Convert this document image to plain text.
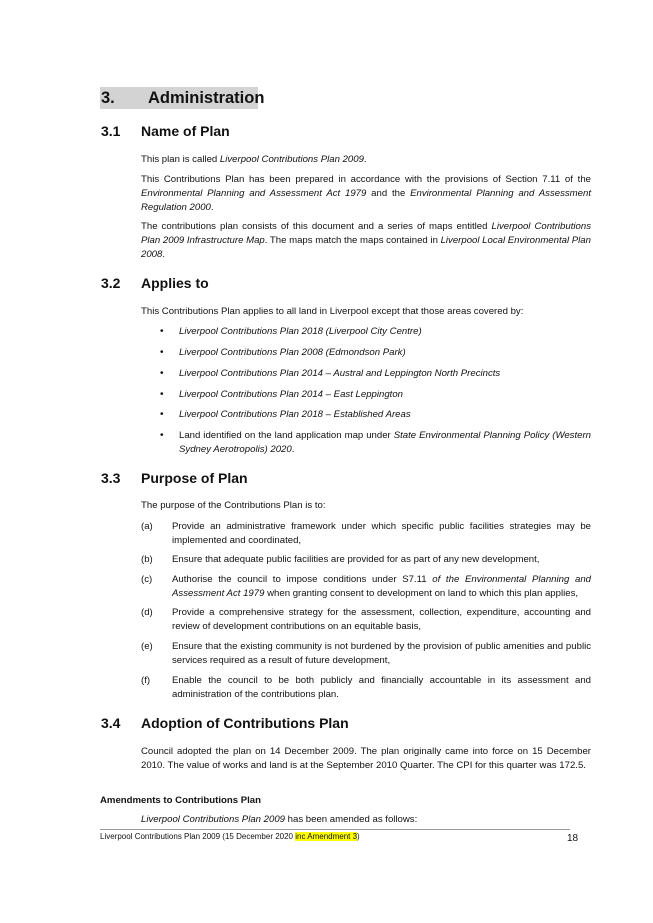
3. Administration
3.1 Name of Plan

This plan is called Liverpool Contributions Plan 2009.

This Contributions Plan has been prepared in accordance with the provisions of Section 7.11 of the Environmental Planning and Assessment Act 1979 and the Environmental Planning and Assessment Regulation 2000.

The contributions plan consists of this document and a series of maps entitled Liverpool Contributions Plan 2009 Infrastructure Map. The maps match the maps contained in Liverpool Local Environmental Plan 2008.

3.2 Applies to

This Contributions Plan applies to all land in Liverpool except that those areas covered by:

• Liverpool Contributions Plan 2018 (Liverpool City Centre)

• Liverpool Contributions Plan 2008 (Edmondson Park)

• Liverpool Contributions Plan 2014 – Austral and Leppington North Precincts

• Liverpool Contributions Plan 2014 – East Leppington

• Liverpool Contributions Plan 2018 – Established Areas

• Land identified on the land application map under State Environmental Planning Policy (Western Sydney Aerotropolis) 2020.

3.3 Purpose of Plan

The purpose of the Contributions Plan is to:

(a) Provide an administrative framework under which specific public facilities strategies may be implemented and coordinated,

(b) Ensure that adequate public facilities are provided for as part of any new development,

(c) Authorise the council to impose conditions under S7.11 of the Environmental Planning and Assessment Act 1979 when granting consent to development on land to which this plan applies,

(d) Provide a comprehensive strategy for the assessment, collection, expenditure, accounting and review of development contributions on an equitable basis,

(e) Ensure that the existing community is not burdened by the provision of public amenities and public services required as a result of future development,

(f) Enable the council to be both publicly and financially accountable in its assessment and administration of the contributions plan.

3.4 Adoption of Contributions Plan

Council adopted the plan on 14 December 2009. The plan originally came into force on 15 December 2010. The value of works and land is at the September 2010 Quarter. The CPI for this quarter was 172.5.

Amendments to Contributions Plan

Liverpool Contributions Plan 2009 has been amended as follows:

Liverpool Contributions Plan 2009 (15 December 2020 inc Amendment 3)	18
